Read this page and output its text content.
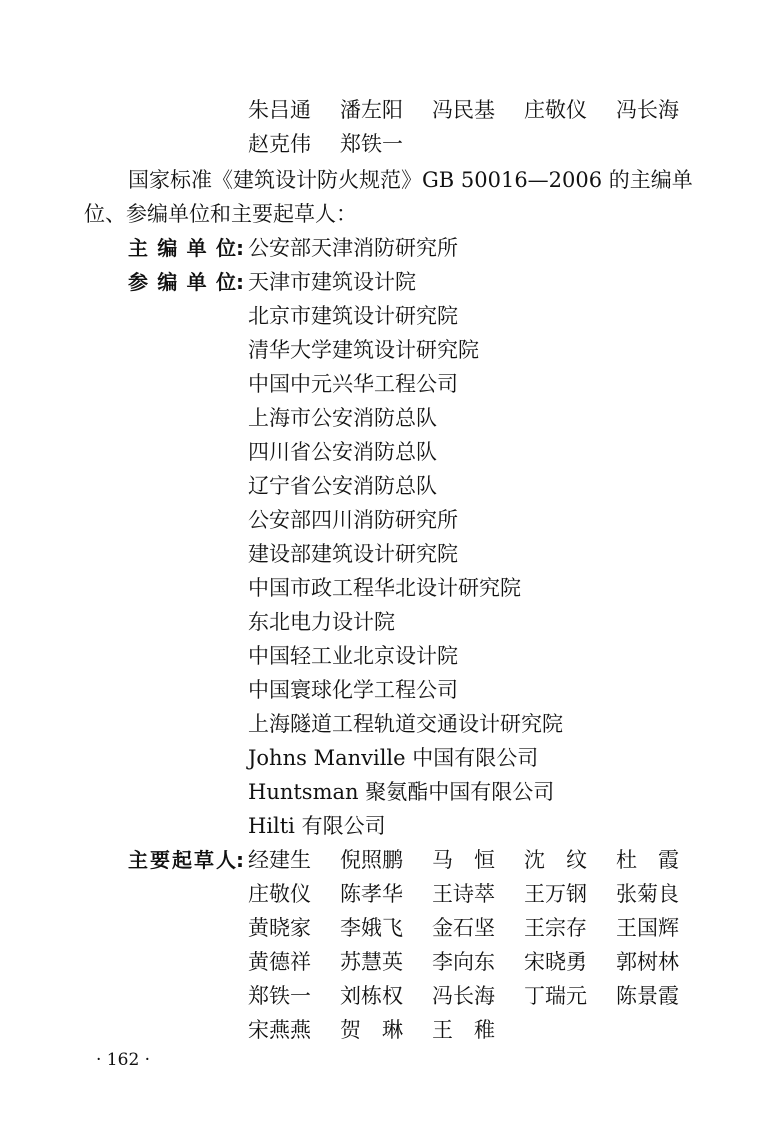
朱吕通	潘左阳	冯民基	庄敬仪	冯长海
赵克伟	郑铁一
国家标准《建筑设计防火规范》GB 50016—2006 的主编单
位、参编单位和主要起草人：
主 编 单 位: 公安部天津消防研究所
参 编 单 位: 天津市建筑设计院
北京市建筑设计研究院
清华大学建筑设计研究院
中国中元兴华工程公司
上海市公安消防总队
四川省公安消防总队
辽宁省公安消防总队
公安部四川消防研究所
建设部建筑设计研究院
中国市政工程华北设计研究院
东北电力设计院
中国轻工业北京设计院
中国寰球化学工程公司
上海隧道工程轨道交通设计研究院
Johns Manville 中国有限公司
Huntsman 聚氨酯中国有限公司
Hilti 有限公司
主要起草人: 经建生	倪照鹏	马　恒	沈　纹	杜　霞
庄敬仪	陈孝华	王诗萃	王万钢	张菊良
黄晓家	李娥飞	金石坚	王宗存	王国辉
黄德祥	苏慧英	李向东	宋晓勇	郭树林
郑铁一	刘栋权	冯长海	丁瑞元	陈景霞
宋燕燕	贺　琳	王　稚
· 162 ·
